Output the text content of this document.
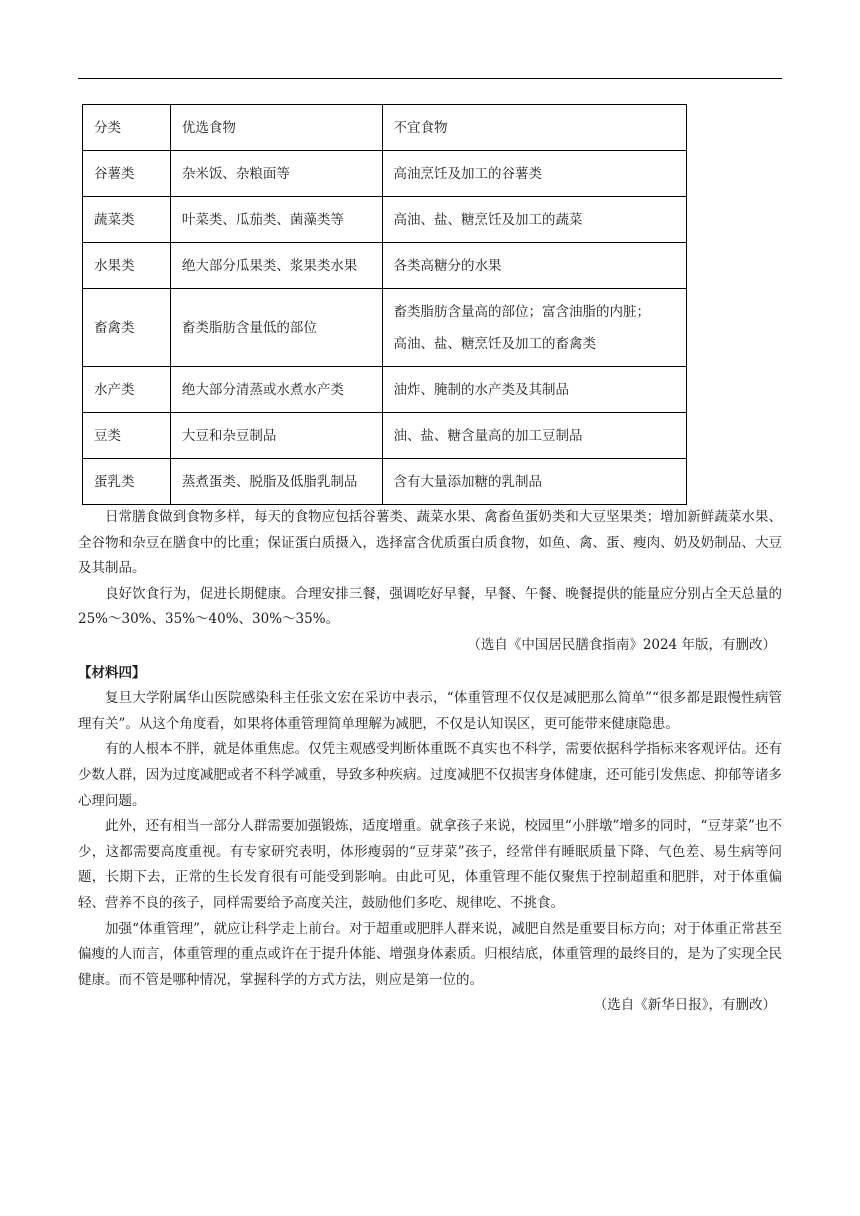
分类	优选食物	不宜食物
谷薯类	杂米饭、杂粮面等	高油烹饪及加工的谷薯类
蔬菜类	叶菜类、瓜茄类、菌藻类等	高油、盐、糖烹饪及加工的蔬菜
水果类	绝大部分瓜果类、浆果类水果	各类高糖分的水果
畜禽类	畜类脂肪含量低的部位	畜类脂肪含量高的部位；富含油脂的内脏；
高油、盐、糖烹饪及加工的畜禽类

水产类	绝大部分清蒸或水煮水产类	油炸、腌制的水产类及其制品
豆类	大豆和杂豆制品	油、盐、糖含量高的加工豆制品
蛋乳类	蒸煮蛋类、脱脂及低脂乳制品	含有大量添加糖的乳制品

日常膳食做到食物多样，每天的食物应包括谷薯类、蔬菜水果、禽畜鱼蛋奶类和大豆坚果类；增加新鲜蔬菜水果、全谷物和杂豆在膳食中的比重；保证蛋白质摄入，选择富含优质蛋白质食物，如鱼、禽、蛋、瘦肉、奶及奶制品、大豆及其制品。

良好饮食行为，促进长期健康。合理安排三餐，强调吃好早餐，早餐、午餐、晚餐提供的能量应分别占全天总量的 25%～30%、35%～40%、30%～35%。

（选自《中国居民膳食指南》2024 年版，有删改）

【材料四】

复旦大学附属华山医院感染科主任张文宏在采访中表示，“体重管理不仅仅是减肥那么简单”“很多都是跟慢性病管理有关”。从这个角度看，如果将体重管理简单理解为减肥，不仅是认知误区，更可能带来健康隐患。

有的人根本不胖，就是体重焦虑。仅凭主观感受判断体重既不真实也不科学，需要依据科学指标来客观评估。还有少数人群，因为过度减肥或者不科学减重，导致多种疾病。过度减肥不仅损害身体健康，还可能引发焦虑、抑郁等诸多心理问题。

此外，还有相当一部分人群需要加强锻炼，适度增重。就拿孩子来说，校园里“小胖墩”增多的同时，“豆芽菜”也不少，这都需要高度重视。有专家研究表明，体形瘦弱的“豆芽菜”孩子，经常伴有睡眠质量下降、气色差、易生病等问题，长期下去，正常的生长发育很有可能受到影响。由此可见，体重管理不能仅聚焦于控制超重和肥胖，对于体重偏轻、营养不良的孩子，同样需要给予高度关注，鼓励他们多吃、规律吃、不挑食。

加强“体重管理”，就应让科学走上前台。对于超重或肥胖人群来说，减肥自然是重要目标方向；对于体重正常甚至偏瘦的人而言，体重管理的重点或许在于提升体能、增强身体素质。归根结底，体重管理的最终目的，是为了实现全民健康。而不管是哪种情况，掌握科学的方式方法，则应是第一位的。

（选自《新华日报》，有删改）
